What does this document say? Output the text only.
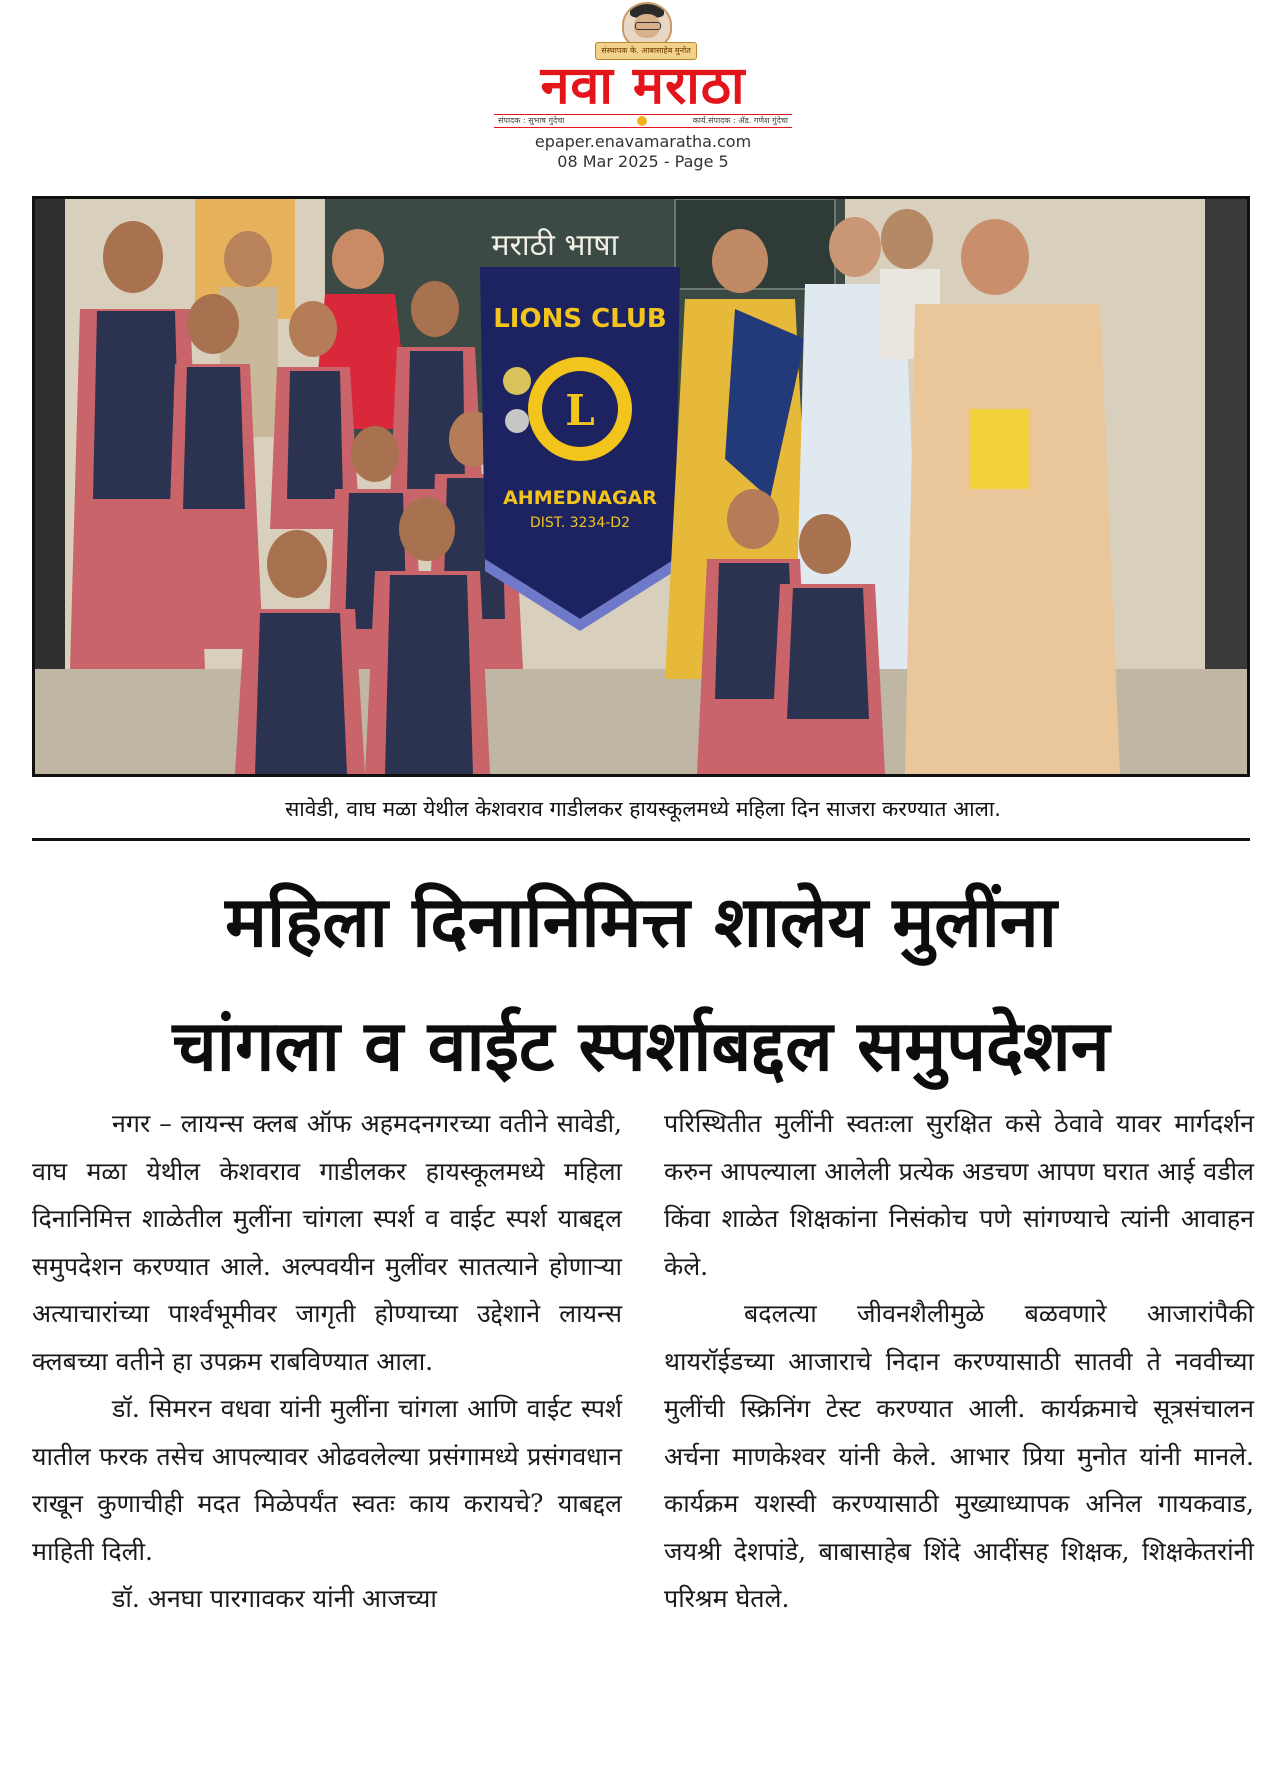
संस्थापक के. आबासाहेब मुनोत
नवा मराठा
संपादक : सुभाष गुंदेचा	कार्य.संपादक : ॲड. गणेश गुंदेचा
epaper.enavamaratha.com
08 Mar 2025 - Page 5
मराठी भाषा
L
LIONS CLUB
AHMEDNAGAR
DIST. 3234-D2
सावेडी, वाघ मळा येथील केशवराव गाडीलकर हायस्कूलमध्ये महिला दिन साजरा करण्यात आला.
महिला दिनानिमित्त शालेय मुलींना
चांगला व वाईट स्पर्शाबद्दल समुपदेशन

नगर – लायन्स क्लब ऑफ अहमदनगरच्या वतीने सावेडी, वाघ मळा येथील केशवराव गाडीलकर हायस्कूलमध्ये महिला दिनानिमित्त शाळेतील मुलींना चांगला स्पर्श व वाईट स्पर्श याबद्दल समुपदेशन करण्यात आले. अल्पवयीन मुलींवर सातत्याने होणाऱ्या अत्याचारांच्या पार्श्वभूमीवर जागृती होण्याच्या उद्देशाने लायन्स क्लबच्या वतीने हा उपक्रम राबविण्यात आला.

डॉ. सिमरन वधवा यांनी मुलींना चांगला आणि वाईट स्पर्श यातील फरक तसेच आपल्यावर ओढवलेल्या प्रसंगामध्ये प्रसंगवधान राखून कुणाचीही मदत मिळेपर्यंत स्वतः काय करायचे? याबद्दल माहिती दिली.

डॉ. अनघा पारगावकर यांनी आजच्या

परिस्थितीत मुलींनी स्वतःला सुरक्षित कसे ठेवावे यावर मार्गदर्शन करुन आपल्याला आलेली प्रत्येक अडचण आपण घरात आई वडील किंवा शाळेत शिक्षकांना निसंकोच पणे सांगण्याचे त्यांनी आवाहन केले.

बदलत्या जीवनशैलीमुळे बळवणारे आजारांपैकी थायरॉईडच्या आजाराचे निदान करण्यासाठी सातवी ते नववीच्या मुलींची स्क्रिनिंग टेस्ट करण्यात आली. कार्यक्रमाचे सूत्रसंचालन अर्चना माणकेश्वर यांनी केले. आभार प्रिया मुनोत यांनी मानले. कार्यक्रम यशस्वी करण्यासाठी मुख्याध्यापक अनिल गायकवाड, जयश्री देशपांडे, बाबासाहेब शिंदे आदींसह शिक्षक, शिक्षकेतरांनी परिश्रम घेतले.
